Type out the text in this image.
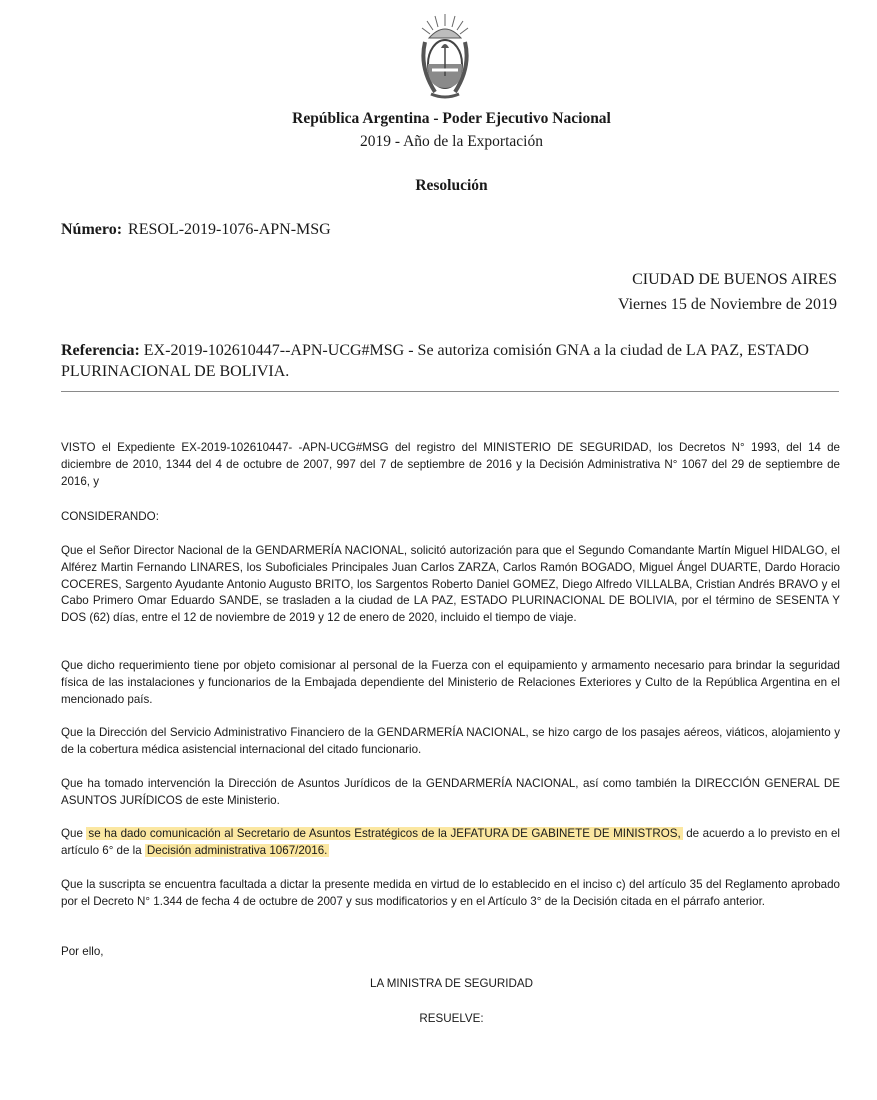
República Argentina - Poder Ejecutivo Nacional
2019 - Año de la Exportación
Resolución
Número: RESOL-2019-1076-APN-MSG
CIUDAD DE BUENOS AIRES
Viernes 15 de Noviembre de 2019
Referencia: EX-2019-102610447--APN-UCG#MSG - Se autoriza comisión GNA a la ciudad de LA PAZ, ESTADO PLURINACIONAL DE BOLIVIA.
VISTO el Expediente EX-2019-102610447- -APN-UCG#MSG del registro del MINISTERIO DE SEGURIDAD, los Decretos N° 1993, del 14 de diciembre de 2010, 1344 del 4 de octubre de 2007, 997 del 7 de septiembre de 2016 y la Decisión Administrativa N° 1067 del 29 de septiembre de 2016, y
CONSIDERANDO:
Que el Señor Director Nacional de la GENDARMERÍA NACIONAL, solicitó autorización para que el Segundo Comandante Martín Miguel HIDALGO, el Alférez Martin Fernando LINARES, los Suboficiales Principales Juan Carlos ZARZA, Carlos Ramón BOGADO, Miguel Ángel DUARTE, Dardo Horacio COCERES, Sargento Ayudante Antonio Augusto BRITO, los Sargentos Roberto Daniel GOMEZ, Diego Alfredo VILLALBA, Cristian Andrés BRAVO y el Cabo Primero Omar Eduardo SANDE, se trasladen a la ciudad de LA PAZ, ESTADO PLURINACIONAL DE BOLIVIA, por el término de SESENTA Y DOS (62) días, entre el 12 de noviembre de 2019 y 12 de enero de 2020, incluido el tiempo de viaje.
Que dicho requerimiento tiene por objeto comisionar al personal de la Fuerza con el equipamiento y armamento necesario para brindar la seguridad física de las instalaciones y funcionarios de la Embajada dependiente del Ministerio de Relaciones Exteriores y Culto de la República Argentina en el mencionado país.
Que la Dirección del Servicio Administrativo Financiero de la GENDARMERÍA NACIONAL, se hizo cargo de los pasajes aéreos, viáticos, alojamiento y de la cobertura médica asistencial internacional del citado funcionario.
Que ha tomado intervención la Dirección de Asuntos Jurídicos de la GENDARMERÍA NACIONAL, así como también la DIRECCIÓN GENERAL DE ASUNTOS JURÍDICOS de este Ministerio.
Que se ha dado comunicación al Secretario de Asuntos Estratégicos de la JEFATURA DE GABINETE DE MINISTROS, de acuerdo a lo previsto en el artículo 6° de la Decisión administrativa 1067/2016.
Que la suscripta se encuentra facultada a dictar la presente medida en virtud de lo establecido en el inciso c) del artículo 35 del Reglamento aprobado por el Decreto N° 1.344 de fecha 4 de octubre de 2007 y sus modificatorios y en el Artículo 3° de la Decisión citada en el párrafo anterior.
Por ello,
LA MINISTRA DE SEGURIDAD
RESUELVE:
